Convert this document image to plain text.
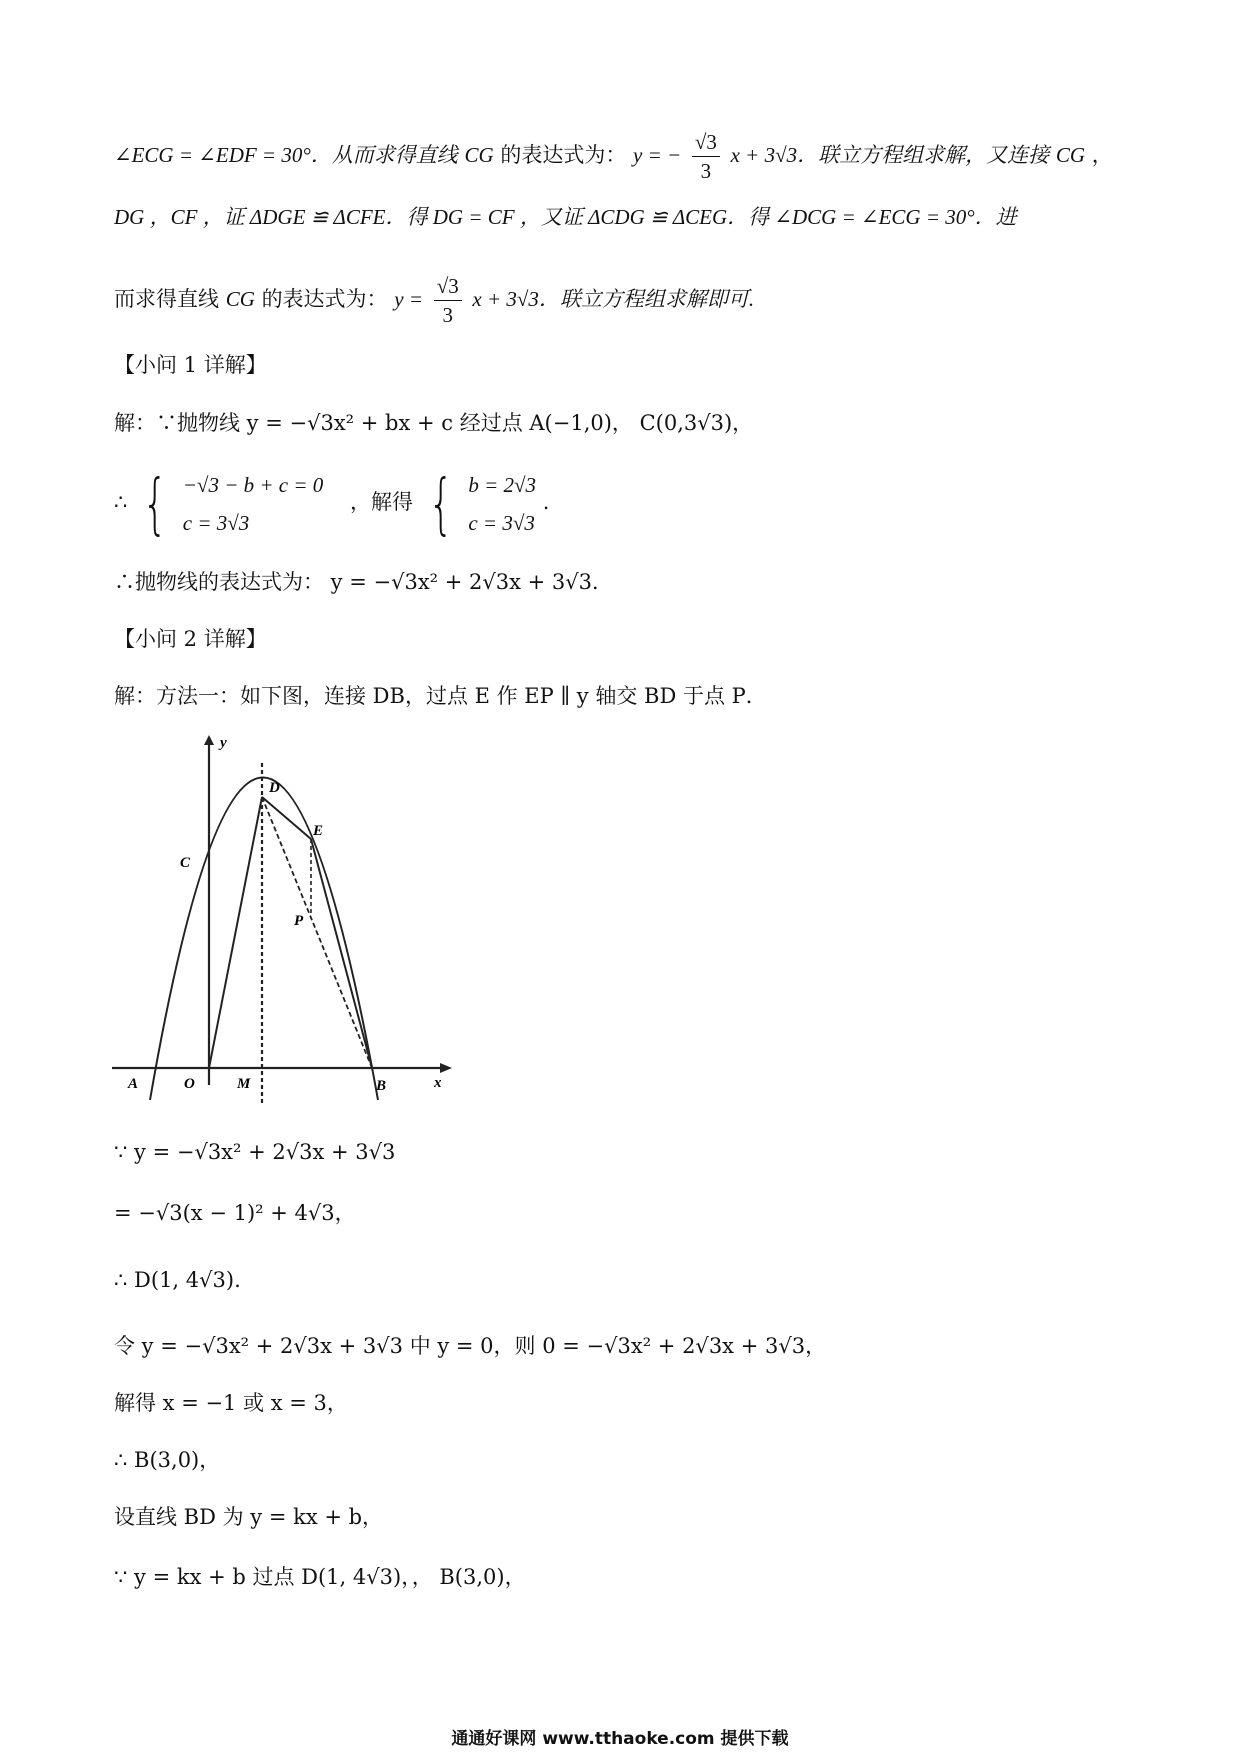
∠ECG = ∠EDF = 30°．从而求得直线 CG 的表达式为： y = − $\frac{√3}{3}$ x + 3√3．联立方程组求解，又连接 CG ，
DG ，CF ，证 ΔDGE ≌ ΔCFE．得 DG = CF ，又证 ΔCDG ≌ ΔCEG．得 ∠DCG = ∠ECG = 30°．进
而求得直线 CG 的表达式为： $y = \frac{√3}{3}$ x + 3√3．联立方程组求解即可.
【小问 1 详解】
解：∵抛物线 y = −√3x² + bx + c 经过点 A(−1,0)， C(0,3√3)，
∴ { −√3 − b + c = 0
c = 3√3
，解得 { b = 2√3
c = 3√3
.
∴抛物线的表达式为： y = −√3x² + 2√3x + 3√3．
【小问 2 详解】
解：方法一：如下图，连接 DB，过点 E 作 EP ∥ y 轴交 BD 于点 P．
y
x
D
E
C
P
A	O	M	B
∵ y = −√3x² + 2√3x + 3√3
= −√3(x − 1)² + 4√3，
∴ D(1, 4√3).
令 y = −√3x² + 2√3x + 3√3 中 y = 0，则 0 = −√3x² + 2√3x + 3√3，
解得 x = −1 或 x = 3，
∴ B(3,0)，
设直线 BD 为 y = kx + b，
∵ y = kx + b 过点 D(1, 4√3)，， B(3,0)，
通通好课网 www.tthaoke.com 提供下载
